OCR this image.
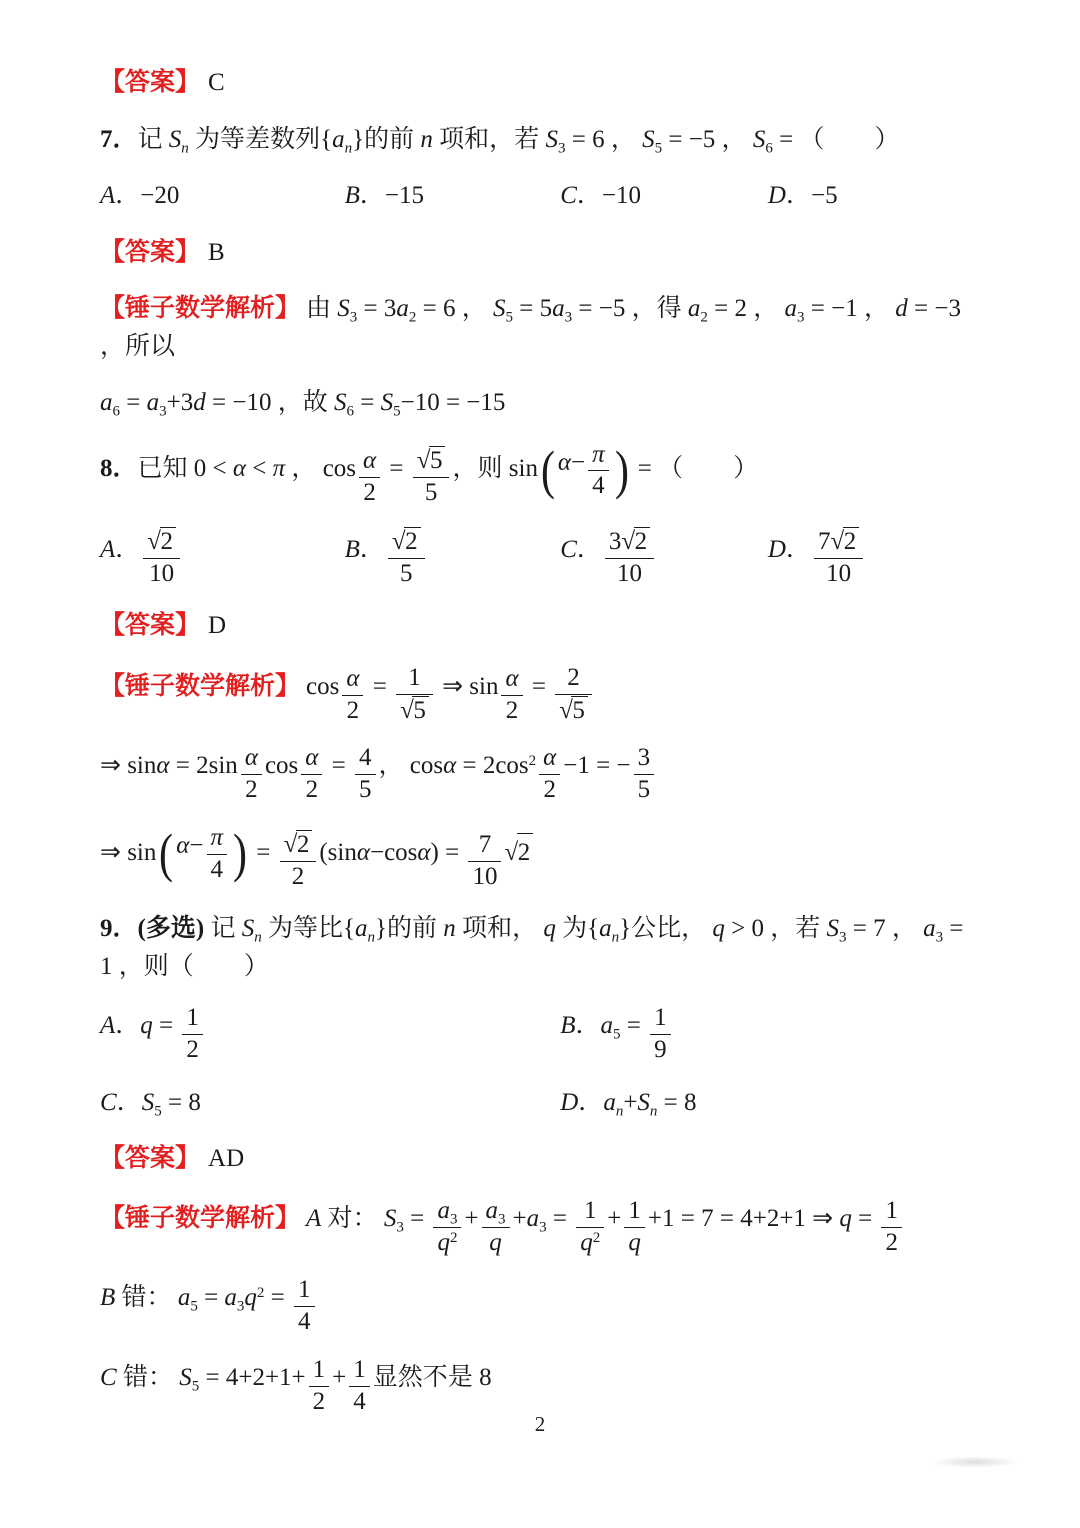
【答案】 C
7．记 $S_n$ 为等差数列$\{a_n\}$的前 n 项和，若 $S_3 = 6$ ， $S_5 = -5$ ， $S_6$ = （　　 ）
A．−20	B．−15	C．−10	D．−5
【答案】 B
【锤子数学解析】 由 $S_3 = 3a_2 = 6$ ， $S_5 = 5a_3 = -5$ ，得 $a_2 = 2$ ， $a_3 = -1$ ， d = −3 ，所以
$a_6 = a_3+3d = -10$ ，故 $S_6 = S_5-10 = -15$
8．已知 0 < α < π ， $\cos \frac{\alpha}{2} = \frac{√5}{5}$ ，则 sin ( $\alpha- \frac{\pi}{4}$ ) = （　　 ）
A． $\frac{√2}{10}$	B． $\frac{√2}{5}$	C． $\frac{3√2}{10}$	D． $\frac{7√2}{10}$
【答案】 D
【锤子数学解析】 $\cos \frac{\alpha}{2} = \frac{1}{√5}$ ⇒ $\sin \frac{\alpha}{2} = \frac{2}{√5}$
⇒ $\sin\alpha = 2\sin \frac{\alpha}{2}$ $\cos \frac{\alpha}{2} = \frac{4}{5}$ ， $\cos\alpha = 2\cos^2 \frac{\alpha}{2} -1$ = − $\frac{3}{5}$
⇒ sin ( $\alpha- \frac{\pi}{4}$ ) = $\frac{√2}{2} (\sin\alpha-\cos\alpha) = \frac{7}{10} √2$
9．(多选) 记 $S_n$ 为等比$\{a_n\}$的前 n 项和， q 为$\{a_n\}$公比， q > 0 ，若 $S_3 = 7$ ， $a_3 = 1$ ，则（　　 ）
A．$q = \frac{1}{2}$	B．$a_5 = \frac{1}{9}$
C．$S_5 = 8$	D．$a_n+S_n = 8$
【答案】 AD
【锤子数学解析】 A 对： $S_3 = \frac{a_3}{q^2} + \frac{a_3}{q} +a_3 = \frac{1}{q^2} + \frac{1}{q} +1 = 7 = 4+2+1$ ⇒ $q = \frac{1}{2}$
B 错： $a_5 = a_3q^2 = \frac{1}{4}$
C 错： $S_5 = 4+2+1+ \frac{1}{2} + \frac{1}{4}$ 显然不是 8
2
